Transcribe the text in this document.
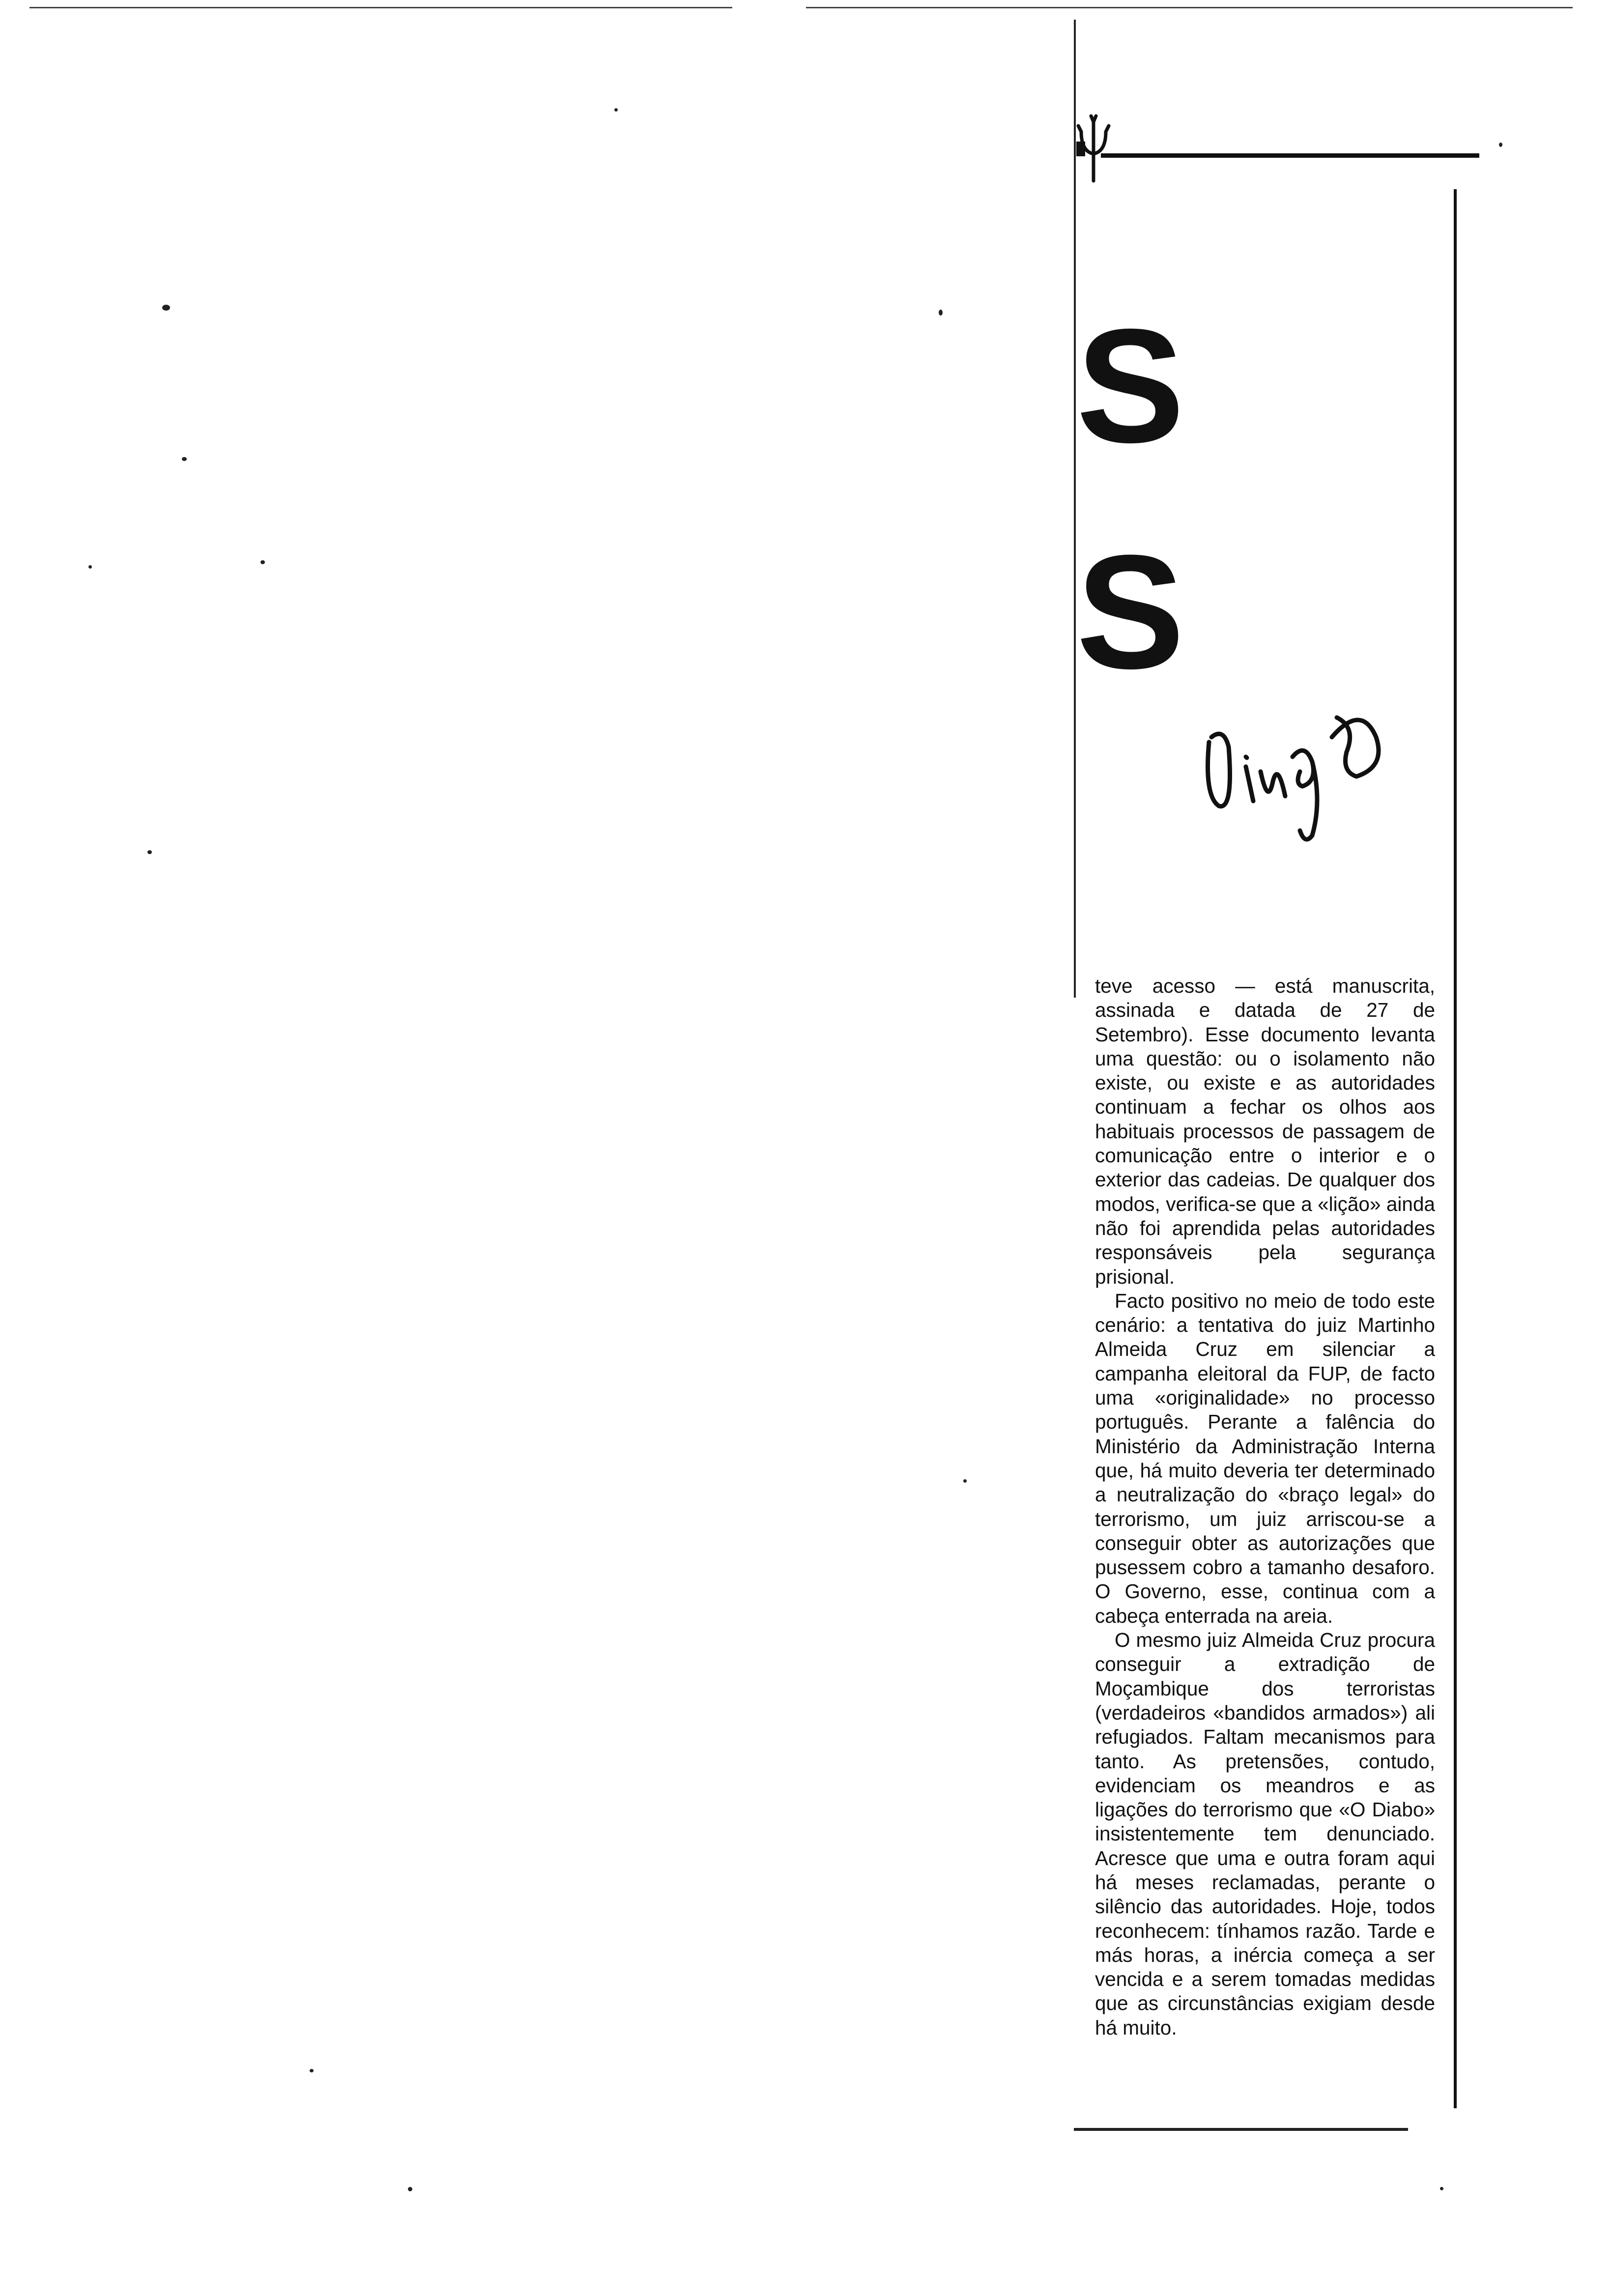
S
S

teve acesso — está manuscrita, assinada e datada de 27 de Setembro). Esse documento levanta uma questão: ou o isolamento não existe, ou existe e as autoridades continuam a fechar os olhos aos habituais processos de passagem de comunicação entre o interior e o exterior das cadeias. De qualquer dos modos, verifica-se que a «lição» ainda não foi aprendida pelas autoridades responsáveis pela segurança prisional.

Facto positivo no meio de todo este cenário: a tentativa do juiz Martinho Almeida Cruz em silenciar a campanha eleitoral da FUP, de facto uma «originalidade» no processo português. Perante a falência do Ministério da Administração Interna que, há muito deveria ter determinado a neutralização do «braço legal» do terrorismo, um juiz arriscou-se a conseguir obter as autorizações que pusessem cobro a tamanho desaforo. O Governo, esse, continua com a cabeça enterrada na areia.

O mesmo juiz Almeida Cruz procura conseguir a extradição de Moçambique dos terroristas (verdadeiros «bandidos armados») ali refugiados. Faltam mecanismos para tanto. As pretensões, contudo, evidenciam os meandros e as ligações do terrorismo que «O Diabo» insistentemente tem denunciado. Acresce que uma e outra foram aqui há meses reclamadas, perante o silêncio das autoridades. Hoje, todos reconhecem: tínhamos razão. Tarde e más horas, a inércia começa a ser vencida e a serem tomadas medidas que as circunstâncias exigiam desde há muito.
